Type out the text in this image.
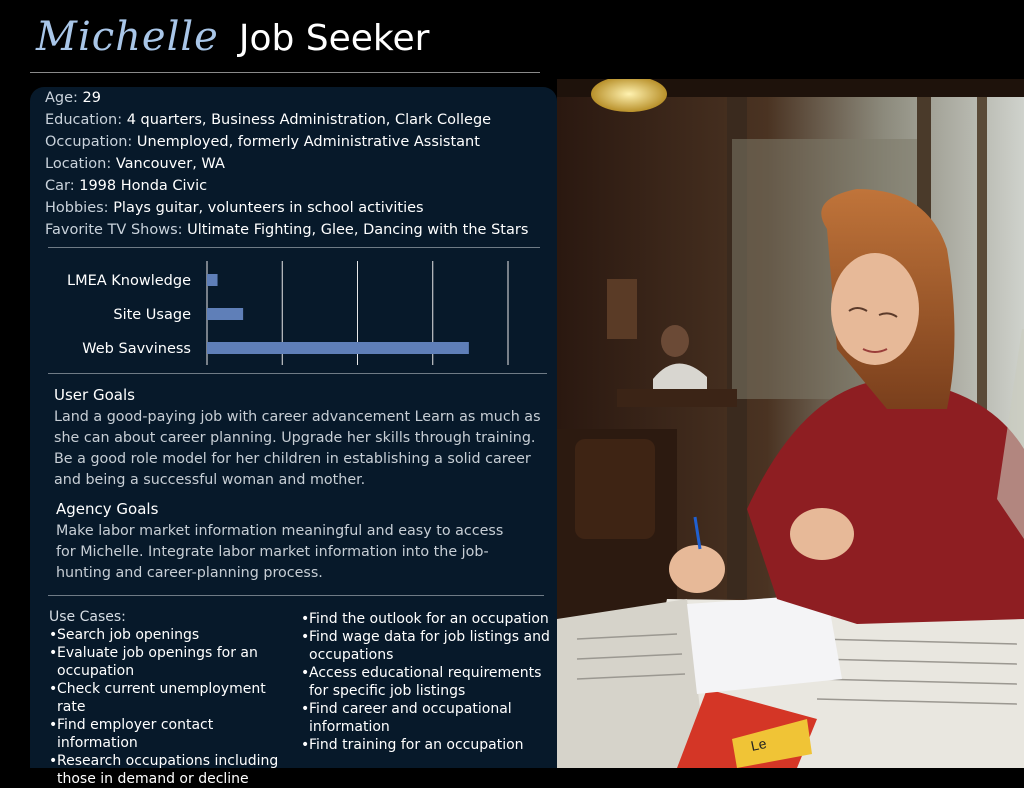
Michelle Job Seeker
Age: 29
Education: 4 quarters, Business Administration, Clark College
Occupation: Unemployed, formerly Administrative Assistant
Location: Vancouver, WA
Car: 1998 Honda Civic
Hobbies: Plays guitar, volunteers in school activities
Favorite TV Shows: Ultimate Fighting, Glee, Dancing with the Stars
LMEA Knowledge
Site Usage
Web Savviness
User Goals
Land a good-paying job with career advancement Learn as much as she can about career planning. Upgrade her skills through training. Be a good role model for her children in establishing a solid career and being a successful woman and mother.
Agency Goals
Make labor market information meaningful and easy to access for Michelle. Integrate labor market information into the job-hunting and career-planning process.
Use Cases:
• Search job openings
• Evaluate job openings for an occupation
• Check current unemployment rate
• Find employer contact information
• Research occupations including those in demand or decline
• Find the outlook for an occupation
• Find wage data for job listings and occupations
• Access educational requirements for specific job listings
• Find career and occupational information
• Find training for an occupation	Le
